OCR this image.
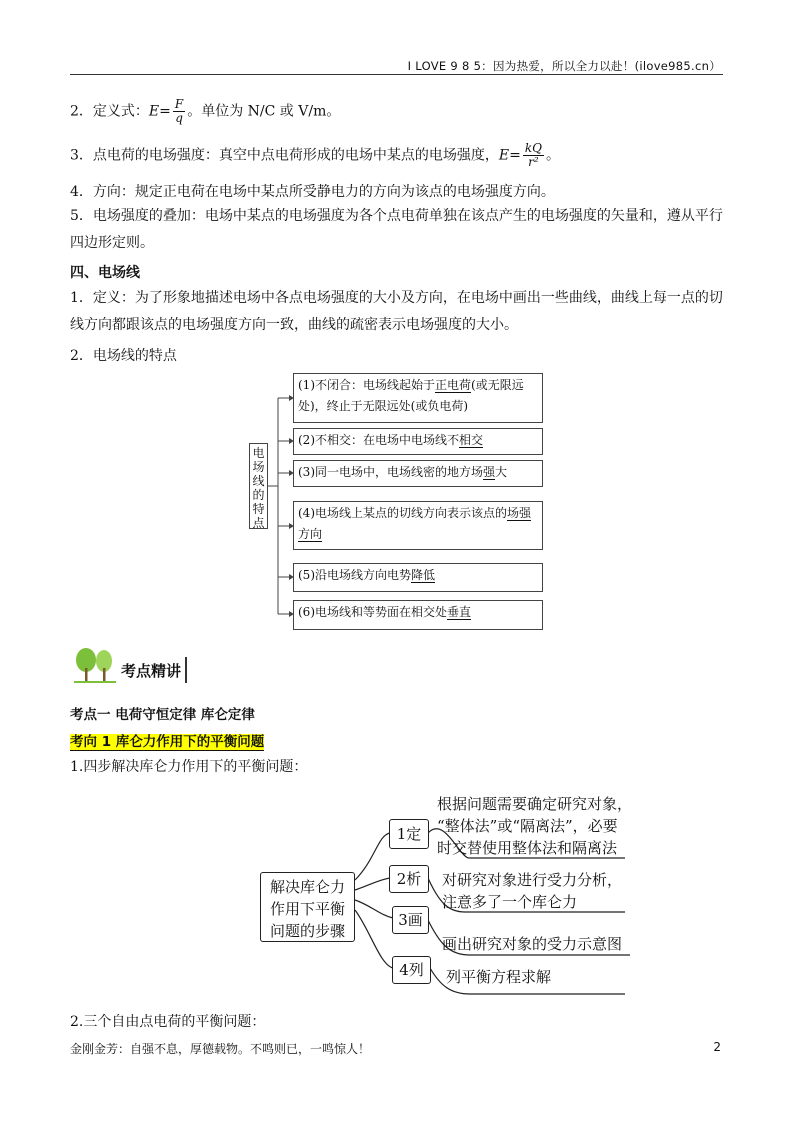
I LOVE 9 8 5：因为热爱，所以全力以赴！(ilove985.cn）
2．定义式：$E= \frac{F}{q}$ 。单位为 N/C 或 V/m。
3．点电荷的电场强度：真空中点电荷形成的电场中某点的电场强度，$E= \frac{kQ}{\text{r²}}$ 。
4．方向：规定正电荷在电场中某点所受静电力的方向为该点的电场强度方向。
5．电场强度的叠加：电场中某点的电场强度为各个点电荷单独在该点产生的电场强度的矢量和，遵从平行四边形定则。
四、电场线
1．定义：为了形象地描述电场中各点电场强度的大小及方向，在电场中画出一些曲线，曲线上每一点的切线方向都跟该点的电场强度方向一致，曲线的疏密表示电场强度的大小。
2．电场线的特点
电场线的特点
(1)不闭合：电场线起始于正电荷(或无限远处)，终止于无限远处(或负电荷)
(2)不相交：在电场中电场线不相交
(3)同一电场中，电场线密的地方场强大
(4)电场线上某点的切线方向表示该点的场强方向
(5)沿电场线方向电势降低
(6)电场线和等势面在相交处垂直
考点精讲
考点一 电荷守恒定律 库仑定律
考向 1 库仑力作用下的平衡问题
1.四步解决库仑力作用下的平衡问题：
解决库仑力
作用下平衡
问题的步骤
1定
2析
3画
4列
根据问题需要确定研究对象，
“整体法”或“隔离法”，必要
时交替使用整体法和隔离法
对研究对象进行受力分析，
注意多了一个库仑力
画出研究对象的受力示意图
列平衡方程求解
2.三个自由点电荷的平衡问题：
金刚金芳：自强不息，厚德载物。不鸣则已，一鸣惊人！	2
